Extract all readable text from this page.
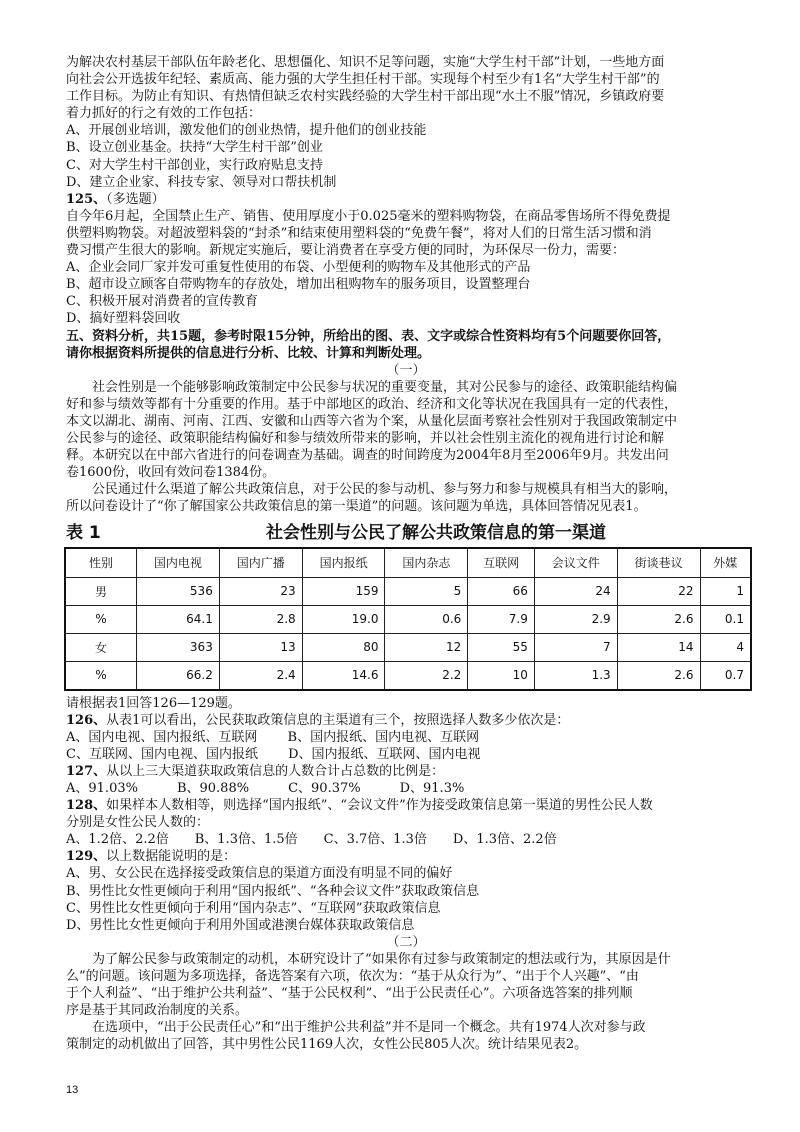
为解决农村基层干部队伍年龄老化、思想僵化、知识不足等问题，实施“大学生村干部”计划，一些地方面
向社会公开选拔年纪轻、素质高、能力强的大学生担任村干部。实现每个村至少有1名“大学生村干部”的
工作目标。为防止有知识、有热情但缺乏农村实践经验的大学生村干部出现“水土不服”情况，乡镇政府要
着力抓好的行之有效的工作包括：
A、开展创业培训，激发他们的创业热情，提升他们的创业技能
B、设立创业基金。扶持“大学生村干部”创业
C、对大学生村干部创业，实行政府贴息支持
D、建立企业家、科技专家、领导对口帮扶机制
125、（多选题）
自今年6月起，全国禁止生产、销售、使用厚度小于0.025毫米的塑料购物袋，在商品零售场所不得免费提
供塑料购物袋。对超波塑料袋的“封杀”和结束使用塑料袋的“免费午餐”，将对人们的日常生活习惯和消
费习惯产生很大的影响。新规定实施后，要让消费者在享受方便的同时，为环保尽一份力，需要：
A、企业会同厂家并发可重复性使用的布袋、小型便利的购物车及其他形式的产品
B、超市设立顾客自带购物车的存放处，增加出租购物车的服务项目，设置整理台
C、积极开展对消费者的宣传教育
D、搞好塑料袋回收
五、资料分析，共15题，参考时限15分钟，所给出的图、表、文字或综合性资料均有5个问题要你回答，
请你根据资料所提供的信息进行分析、比较、计算和判断处理。
（一）
社会性别是一个能够影响政策制定中公民参与状况的重要变量，其对公民参与的途径、政策职能结构偏
好和参与绩效等都有十分重要的作用。基于中部地区的政治、经济和文化等状况在我国具有一定的代表性，
本文以湖北、湖南、河南、江西、安徽和山西等六省为个案，从量化层面考察社会性别对于我国政策制定中
公民参与的途径、政策职能结构偏好和参与绩效所带来的影响，并以社会性别主流化的视角进行讨论和解
释。本研究以在中部六省进行的问卷调查为基础。调查的时间跨度为2004年8月至2006年9月。共发出问
卷1600份，收回有效问卷1384份。
公民通过什么渠道了解公共政策信息，对于公民的参与动机、参与努力和参与规模具有相当大的影响，
所以问卷设计了“你了解国家公共政策信息的第一渠道”的问题。该问题为单选，具体回答情况见表1。
表 1	社会性别与公民了解公共政策信息的第一渠道
性别	国内电视	国内广播	国内报纸	国内杂志	互联网	会议文件	街谈巷议	外媒
男	536	23	159	5	66	24	22	1
%	64.1	2.8	19.0	0.6	7.9	2.9	2.6	0.1
女	363	13	80	12	55	7	14	4
%	66.2	2.4	14.6	2.2	10	1.3	2.6	0.7
请根据表1回答126—129题。
126、从表1可以看出，公民获取政策信息的主渠道有三个，按照选择人数多少依次是：
A、国内电视、国内报纸、互联网　　 B、国内报纸、国内电视、互联网
C、互联网、国内电视、国内报纸　　 D、国内报纸、互联网、国内电视
127、从以上三大渠道获取政策信息的人数合计占总数的比例是：
A、91.03%　　　B、90.88%　　　C、90.37%　　　D、91.3%
128、如果样本人数相等，则选择“国内报纸”、“会议文件”作为接受政策信息第一渠道的男性公民人数
分别是女性公民人数的：
A、1.2倍、2.2倍　　B、1.3倍、1.5倍　　C、3.7倍、1.3倍　　D、1.3倍、2.2倍
129、以上数据能说明的是：
A、男、女公民在选择接受政策信息的渠道方面没有明显不同的偏好
B、男性比女性更倾向于利用“国内报纸”、“各种会议文件”获取政策信息
C、男性比女性更倾向于利用“国内杂志”、“互联网”获取政策信息
D、男性比女性更倾向于利用外国或港澳台媒体获取政策信息
（二）
为了解公民参与政策制定的动机，本研究设计了“如果你有过参与政策制定的想法或行为，其原因是什
么”的问题。该问题为多项选择，备选答案有六项，依次为：“基于从众行为”、“出于个人兴趣”、“由
于个人利益”、“出于维护公共利益”、“基于公民权利”、“出于公民责任心”。六项备选答案的排列顺
序是基于其同政治制度的关系。
在选项中，“出于公民责任心”和“出于维护公共利益”并不是同一个概念。共有1974人次对参与政
策制定的动机做出了回答，其中男性公民1169人次，女性公民805人次。统计结果见表2。
13
